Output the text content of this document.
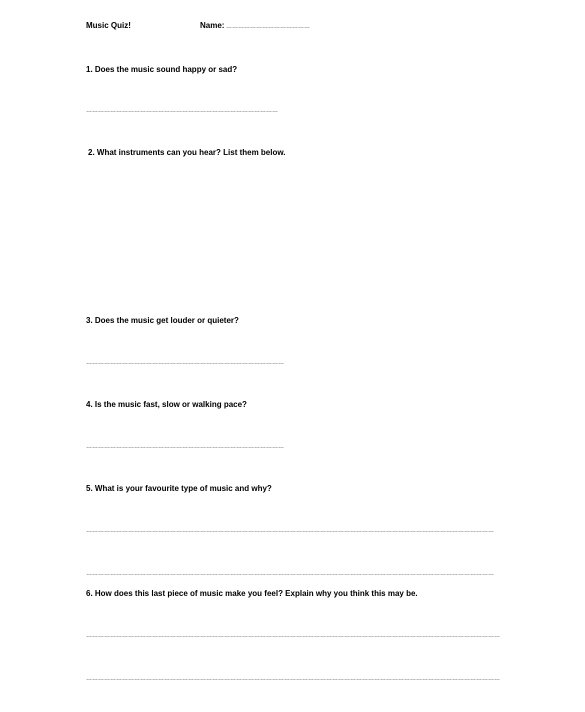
Music Quiz!	Name: ……………………………………
1. Does the music sound happy or sad?
……………………………………………………………………………………
2. What instruments can you hear? List them below.
3. Does the music get louder or quieter?
………………………………………………………………………………………
4. Is the music fast, slow or walking pace?
………………………………………………………………………………………
5. What is your favourite type of music and why?
……………………………………………………………………………………………………………………………………………………………………………………
……………………………………………………………………………………………………………………………………………………………………………………
6. How does this last piece of music make you feel? Explain why you think this may be.
………………………………………………………………………………………………………………………………………………………………………………………
………………………………………………………………………………………………………………………………………………………………………………………
